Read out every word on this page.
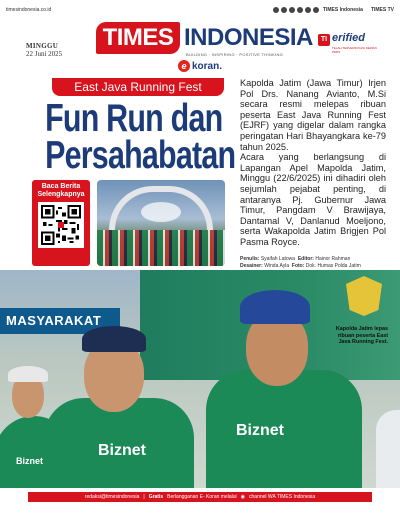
timesindonesia.co.id	TIMES Indonesia TIMES TV
MINGGU
22 Juni 2025
TIMES INDONESIA
BUILDING · INSPIRING · POSITIVE THINKING
e koran.
TI erified
TELAH TERVERIFIKASI DEWAN PERS
East Java Running Fest
Fun Run dan
Persahabatan
Baca Berita
Selengkapnya

Kapolda Jatim (Jawa Timur) Irjen Pol Drs. Nanang Avianto, M.Si secara resmi melepas ribuan peserta East Java Running Fest (EJRF) yang digelar dalam rangka peringatan Hari Bhayangkara ke-79 tahun 2025.

Acara yang berlangsung di Lapangan Apel Mapolda Jatim, Minggu (22/6/2025) ini dihadiri oleh sejumlah pejabat penting, di antaranya Pj. Gubernur Jawa Timur, Pangdam V Brawijaya, Dantamal V, Danlanud Moeljono, serta Wakapolda Jatim Brigjen Pol Pasma Royce.

Penulis: Syaifah Latowa Editor: Hainor Rahman
Desainer: Winda Ayla Foto: Dok. Humas Polda Jatim
MASYARAKAT
Biznet
Biznet
Biznet
Kapolda Jatim lepas ribuan peserta East Java Running Fest.
redaksi@timesindonesia | Gratis Berlangganan E- Koran melalui ◉ channel WA TIMES Indonesia
